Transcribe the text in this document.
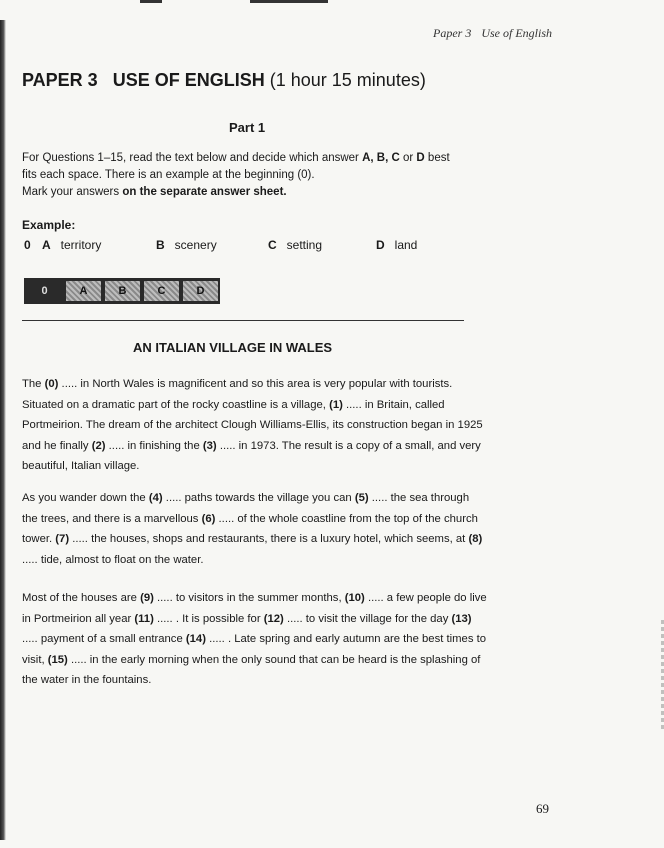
Paper 3 Use of English
PAPER 3 USE OF ENGLISH (1 hour 15 minutes)
Part 1
For Questions 1–15, read the text below and decide which answer A, B, C or D best
fits each space. There is an example at the beginning (0).
Mark your answers on the separate answer sheet.
Example:
0 A territory	B scenery	C setting	D land
0	A	B	C	D
AN ITALIAN VILLAGE IN WALES
The (0) ..... in North Wales is magnificent and so this area is very popular with tourists. Situated on a dramatic part of the rocky coastline is a village, (1) ..... in Britain, called Portmeirion. The dream of the architect Clough Williams-Ellis, its construction began in 1925 and he finally (2) ..... in finishing the (3) ..... in 1973. The result is a copy of a small, and very beautiful, Italian village.
As you wander down the (4) ..... paths towards the village you can (5) ..... the sea through the trees, and there is a marvellous (6) ..... of the whole coastline from the top of the church tower. (7) ..... the houses, shops and restaurants, there is a luxury hotel, which seems, at (8) ..... tide, almost to float on the water.
Most of the houses are (9) ..... to visitors in the summer months, (10) ..... a few people do live in Portmeirion all year (11) ..... . It is possible for (12) ..... to visit the village for the day (13) ..... payment of a small entrance (14) ..... . Late spring and early autumn are the best times to visit, (15) ..... in the early morning when the only sound that can be heard is the splashing of the water in the fountains.
69
